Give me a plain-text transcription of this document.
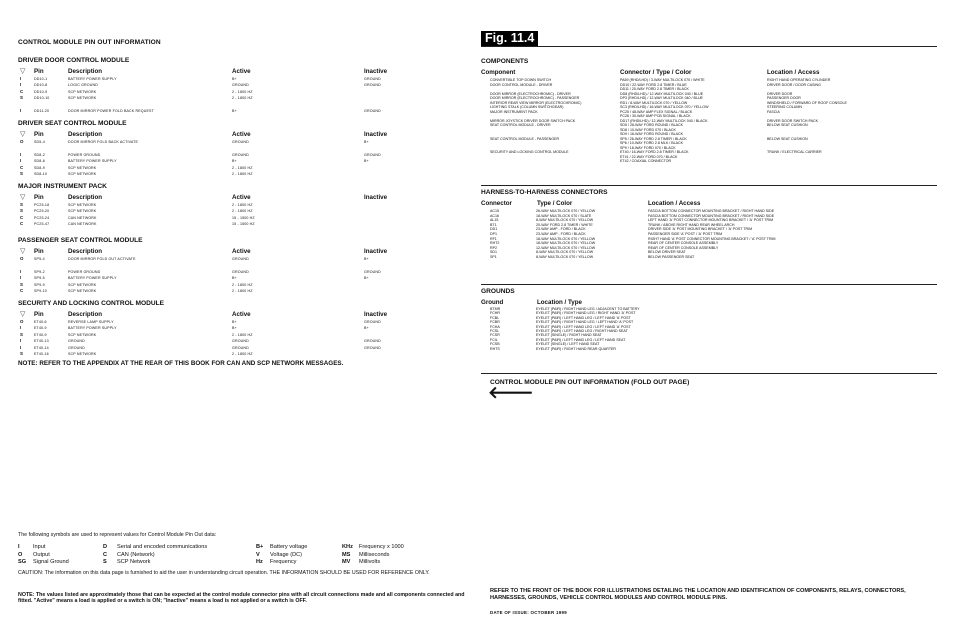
CONTROL MODULE PIN OUT INFORMATION
DRIVER DOOR CONTROL MODULE
▽ Pin	Description	Active	Inactive
I	DD10-1	BATTERY POWER SUPPLY	B+	GROUND
I	DD10-8	LOGIC GROUND	GROUND	GROUND
C	DD10-9	SCP NETWORK	2 - 1800 HZ	
S	DD10-10	SCP NETWORK	2 - 1800 HZ	

I	DD11-20	DOOR MIRROR POWER FOLD BACK REQUEST	B+	GROUND
DRIVER SEAT CONTROL MODULE
▽ Pin	Description	Active	Inactive
O	SD5-4	DOOR MIRROR FOLD BACK ACTIVATE	GROUND	B+

I	SD8-2	POWER GROUND	GROUND	GROUND
I	SD8-6	BATTERY POWER SUPPLY	B+	B+
C	SD8-9	SCP NETWORK	2 - 1800 HZ	
S	SD8-10	SCP NETWORK	2 - 1800 HZ	
MAJOR INSTRUMENT PACK
▽ Pin	Description	Active	Inactive
S	PC25-18	SCP NETWORK	2 - 1800 HZ	
S	PC25-20	SCP NETWORK	2 - 1800 HZ	
C	PC25-24	CAN NETWORK	15 - 1500 HZ	
C	PC25-47	CAN NETWORK	15 - 1500 HZ	
PASSENGER SEAT CONTROL MODULE
▽ Pin	Description	Active	Inactive
O	SP5-4	DOOR MIRROR FOLD OUT ACTIVATE	GROUND	B+

I	SP9-2	POWER GROUND	GROUND	GROUND
I	SP9-5	BATTERY POWER SUPPLY	B+	B+
S	SP9-9	SCP NETWORK	2 - 1800 HZ	
C	SP9-10	SCP NETWORK	2 - 1800 HZ	
SECURITY AND LOCKING CONTROL MODULE
▽ Pin	Description	Active	Inactive
O	ET40-6	REVERSE LAMP SUPPLY	B+	GROUND
I	ET40-9	BATTERY POWER SUPPLY	B+	B+
S	ET40-9	SCP NETWORK	2 - 1800 HZ	
I	ET40-13	GROUND	GROUND	GROUND
I	ET40-14	GROUND	GROUND	GROUND
S	ET40-16	SCP NETWORK	2 - 1800 HZ	
NOTE: REFER TO THE APPENDIX AT THE REAR OF THIS BOOK FOR CAN AND SCP NETWORK MESSAGES.
The following symbols are used to represent values for Control Module Pin Out data:
I Input
O Output
SG Signal Ground
D Serial and encoded communications
C CAN (Network)
S SCP Network
B+ Battery voltage
V Voltage (DC)
Hz Frequency
KHz Frequency x 1000
MS Milliseconds
MV Millivolts
CAUTION: The information on this data page is furnished to aid the user in understanding circuit operation. THE INFORMATION SHOULD BE USED FOR REFERENCE ONLY.
NOTE: The values listed are approximately those that can be expected at the control module connector pins with all circuit connections made and all components connected and fitted. "Active" means a load is applied or a switch is ON; "Inactive" means a load is not applied or a switch is OFF.
Fig. 11.4
COMPONENTS
Component	Connector / Type / Color	Location / Access
CONVERTIBLE TOP DOWN SWITCH	PA59 (RHD/LHD) / 3-WAY MULTILOCK 070 / WHITE	RIGHT HAND OPERATING CYLINDER
DOOR CONTROL MODULE - DRIVER	DD10 / 22-WAY FORD 2.8 TIMER / BLUE	DRIVER DOOR / DOOR CASING
DD11 / 20-WAY FORD 2.8 TIMER / BLACK
DOOR MIRROR (ELECTROCHROMIC) - DRIVER	DD8 (RHD/LHD) / 12-WAY MULTILOCK 040 / BLUE	DRIVER DOOR
DOOR MIRROR (ELECTROCHROMIC) - PASSENGER	DP3 (RHD/LHD) / 12-WAY MULTILOCK 040 / BLUE	PASSENGER DOOR
INTERIOR REAR VIEW MIRROR (ELECTROCHROMIC)	RD1 / 8-WAY MULTILOCK 070 / YELLOW	WINDSHIELD / FORWARD OF ROOF CONSOLE
LIGHTING STALK (COLUMN SWITCHGEAR)	SC3 (RHD/LHD) / 16-WAY MULTILOCK 070 / YELLOW	STEERING COLUMN
MAJOR INSTRUMENT PACK	PC25 / 48-WAY AMP FLEX SIGNAL / BLACK	FASCIA
PC26 / 30-WAY AMP PCB SIGNAL / BLACK
MIRROR JOYSTICK DRIVER DOOR SWITCH PACK	DD17 (RHD/LHD) / 12-WAY MULTILOCK 040 / BLACK	DRIVER DOOR SWITCH PACK
SEAT CONTROL MODULE - DRIVER	SD5 / 26-WAY FORD ROUND / BLACK	BELOW SEAT CUSHION
SD8 / 10-WAY FORD 070 / BLACK
SD9 / 16-WAY FORD ROUND / BLACK
SEAT CONTROL MODULE - PASSENGER	SP5 / 26-WAY FORD 2.8 TIMER / BLACK	BELOW SEAT CUSHION
SP6 / 10-WAY FORD 2.8 MLK / BLACK
SP9 / 18-WAY FORD 070 / BLACK
SECURITY AND LOCKING CONTROL MODULE	ET40 / 16-WAY FORD 2.8 TIMER / BLACK	TRUNK / ELECTRICAL CARRIER
ET41 / 22-WAY FORD 070 / BLACK
ET42 / COAXIAL CONNECTOR
HARNESS-TO-HARNESS CONNECTORS
Connector	Type / Color	Location / Access
AC15	26-WAY MULTILOCK 070 / YELLOW	FASCIA BOTTOM CONNECTOR MOUNTING BRACKET / RIGHT HAND SIDE
AC16	18-WAY MULTILOCK 070 / SLATE	FASCIA BOTTOM CONNECTOR MOUNTING BRACKET / RIGHT HAND SIDE
AL15	8-WAY MULTILOCK 070 / YELLOW	LEFT HAND 'A' POST CONNECTOR MOUNTING BRACKET / 'A' POST TRIM
BT1	20-WAY FORD 2.8 TIMER / WHITE	TRUNK / ABOVE RIGHT HAND REAR WHEEL ARCH
DD1	23-WAY AMP - FORD / BLACK	DRIVER SIDE 'A' POST MOUNTING BRACKET / 'A' POST TRIM
DP1	23-WAY AMP - FORD / BLACK	PASSENGER SIDE 'A' POST / 'A' POST TRIM
RF1	18-WAY MULTILOCK 070 / YELLOW	RIGHT HAND 'A' POST CONNECTOR MOUNTING BRACKET / 'A' POST TRIM
RHT2	18-WAY MULTILOCK 070 / YELLOW	REAR OF CENTER CONSOLE ASSEMBLY
RP2	12-WAY MULTILOCK 070 / YELLOW	REAR OF CENTER CONSOLE ASSEMBLY
SD1	8-WAY MULTILOCK 070 / YELLOW	BELOW DRIVER SEAT
SP1	8-WAY MULTILOCK 070 / YELLOW	BELOW PASSENGER SEAT
GROUNDS
Ground	Location / Type
BTMR	EYELET (PAIR) / RIGHT HAND LEG / ADJACENT TO BATTERY
FCHR	EYELET (PAIR) / RIGHT HAND LEG / RIGHT HAND 'A' POST
FCBL	EYELET (PAIR) / LEFT HAND LEG / LEFT HAND 'A' POST
FCBR	EYELET (PAIR) / RIGHT HAND LEG / LEFT HAND 'A' POST
FCHA	EYELET (PAIR) / LEFT HAND LEG / LEFT HAND 'A' POST
FCSL	EYELET (PAIR) / LEFT HAND LEG / RIGHT HAND SEAT
FCSR	EYELET (SINGLE) / RIGHT HAND SEAT
FCIL	EYELET (PAIR) / LEFT HAND LEG / LEFT HAND SEAT
FCSB	EYELET (SINGLE) / LEFT HAND SEAT
RHTS	EYELET (PAIR) / RIGHT HAND REAR QUARTER
CONTROL MODULE PIN OUT INFORMATION (FOLD OUT PAGE)
🡐
REFER TO THE FRONT OF THE BOOK FOR ILLUSTRATIONS DETAILING THE LOCATION AND IDENTIFICATION OF COMPONENTS, RELAYS, CONNECTORS, HARNESSES, GROUNDS, VEHICLE CONTROL MODULES AND CONTROL MODULE PINS.
DATE OF ISSUE: OCTOBER 1999
